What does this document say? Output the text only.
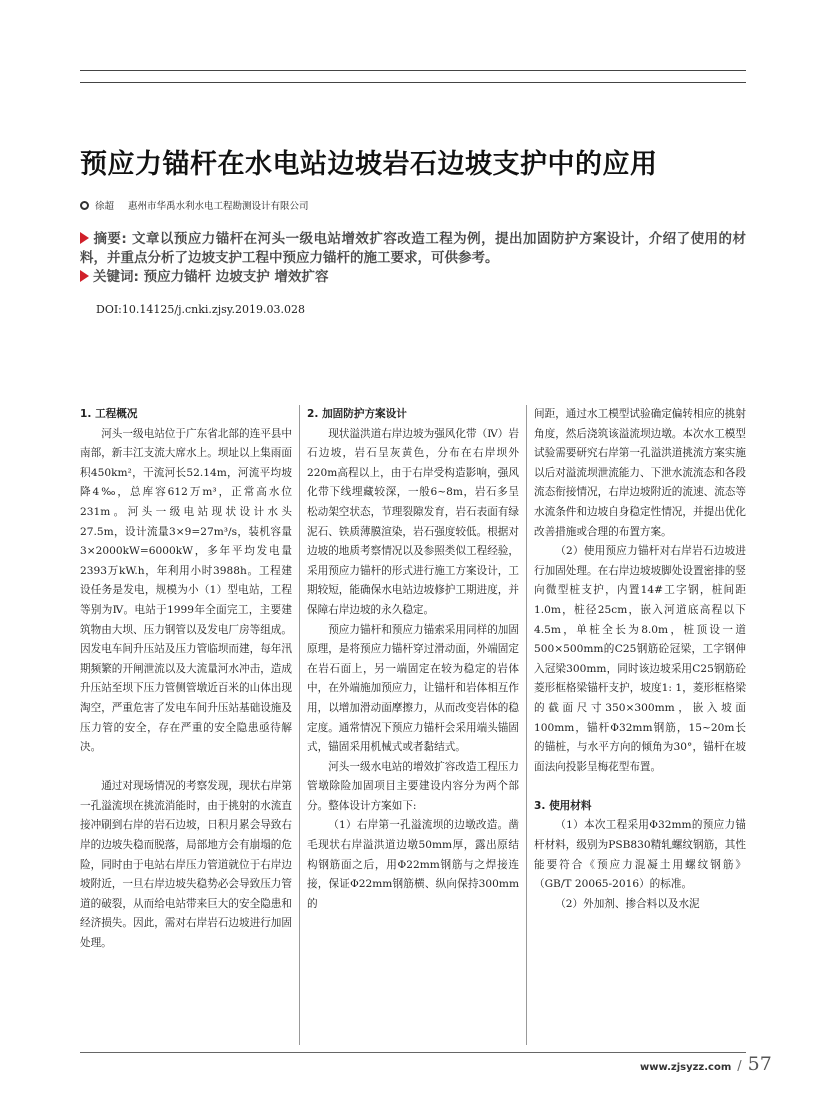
预应力锚杆在水电站边坡岩石边坡支护中的应用
徐超 惠州市华禹水利水电工程勘测设计有限公司

摘要: 文章以预应力锚杆在河头一级电站增效扩容改造工程为例，提出加固防护方案设计，介绍了使用的材料，并重点分析了边坡支护工程中预应力锚杆的施工要求，可供参考。

关键词: 预应力锚杆 边坡支护 增效扩容

DOI:10.14125/j.cnki.zjsy.2019.03.028
1. 工程概况

河头一级电站位于广东省北部的连平县中南部，新丰江支流大席水上。坝址以上集雨面积450km²，干流河长52.14m，河流平均坡降4‰，总库容612万m³，正常高水位231m。河头一级电站现状设计水头27.5m，设计流量3×9=27m³/s，装机容量3×2000kW=6000kW，多年平均发电量2393万kW.h，年利用小时3988h。工程建设任务是发电，规模为小（1）型电站，工程等别为Ⅳ。电站于1999年全面完工，主要建筑物由大坝、压力钢管以及发电厂房等组成。因发电车间升压站及压力管临坝而建，每年汛期频繁的开闸泄流以及大流量河水冲击，造成升压站至坝下压力管侧管墩近百米的山体出现淘空，严重危害了发电车间升压站基础设施及压力管的安全，存在严重的安全隐患亟待解决。

通过对现场情况的考察发现，现状右岸第一孔溢流坝在挑流消能时，由于挑射的水流直接冲刷到右岸的岩石边坡，日积月累会导致右岸的边坡失稳而脱落，局部地方会有崩塌的危险，同时由于电站右岸压力管道就位于右岸边坡附近，一旦右岸边坡失稳势必会导致压力管道的破裂，从而给电站带来巨大的安全隐患和经济损失。因此，需对右岸岩石边坡进行加固处理。

2. 加固防护方案设计

现状溢洪道右岸边坡为强风化带（Ⅳ）岩石边坡，岩石呈灰黄色，分布在右岸坝外220m高程以上，由于右岸受构造影响，强风化带下线埋藏较深，一般6~8m，岩石多呈松动架空状态，节理裂隙发育，岩石表面有绿泥石、铁质薄膜渲染，岩石强度较低。根据对边坡的地质考察情况以及参照类似工程经验，采用预应力锚杆的形式进行施工方案设计，工期较短，能确保水电站边坡修护工期进度，并保障右岸边坡的永久稳定。

预应力锚杆和预应力锚索采用同样的加固原理，是将预应力锚杆穿过滑动面，外端固定在岩石面上，另一端固定在较为稳定的岩体中，在外端施加预应力，让锚杆和岩体相互作用，以增加滑动面摩擦力，从而改变岩体的稳定度。通常情况下预应力锚杆会采用端头锚固式，锚固采用机械式或者黏结式。

河头一级水电站的增效扩容改造工程压力管墩除险加固项目主要建设内容分为两个部分。整体设计方案如下:

（1）右岸第一孔溢流坝的边墩改造。凿毛现状右岸溢洪道边墩50mm厚，露出原结构钢筋面之后，用Φ22mm钢筋与之焊接连接，保证Φ22mm钢筋横、纵向保持300mm的

间距，通过水工模型试验确定偏转相应的挑射角度，然后浇筑该溢流坝边墩。本次水工模型试验需要研究右岸第一孔溢洪道挑流方案实施以后对溢流坝泄流能力、下泄水流流态和各段流态衔接情况，右岸边坡附近的流速、流态等水流条件和边坡自身稳定性情况，并提出优化改善措施或合理的布置方案。

（2）使用预应力锚杆对右岸岩石边坡进行加固处理。在右岸边坡坡脚处设置密排的竖向微型桩支护，内置14#工字钢，桩间距1.0m，桩径25cm，嵌入河道底高程以下4.5m，单桩全长为8.0m，桩顶设一道500×500mm的C25钢筋砼冠梁，工字钢伸入冠梁300mm，同时该边坡采用C25钢筋砼菱形框格梁锚杆支护，坡度1: 1，菱形框格梁的截面尺寸350×300mm，嵌入坡面100mm，锚杆Φ32mm钢筋，15~20m长的锚桩，与水平方向的倾角为30°，锚杆在坡面法向投影呈梅花型布置。

3. 使用材料

（1）本次工程采用Φ32mm的预应力锚杆材料，级别为PSB830精轧螺纹钢筋，其性能要符合《预应力混凝土用螺纹钢筋》（GB/T 20065-2016）的标准。

（2）外加剂、掺合料以及水泥

www.zjsyzz.com / 57
